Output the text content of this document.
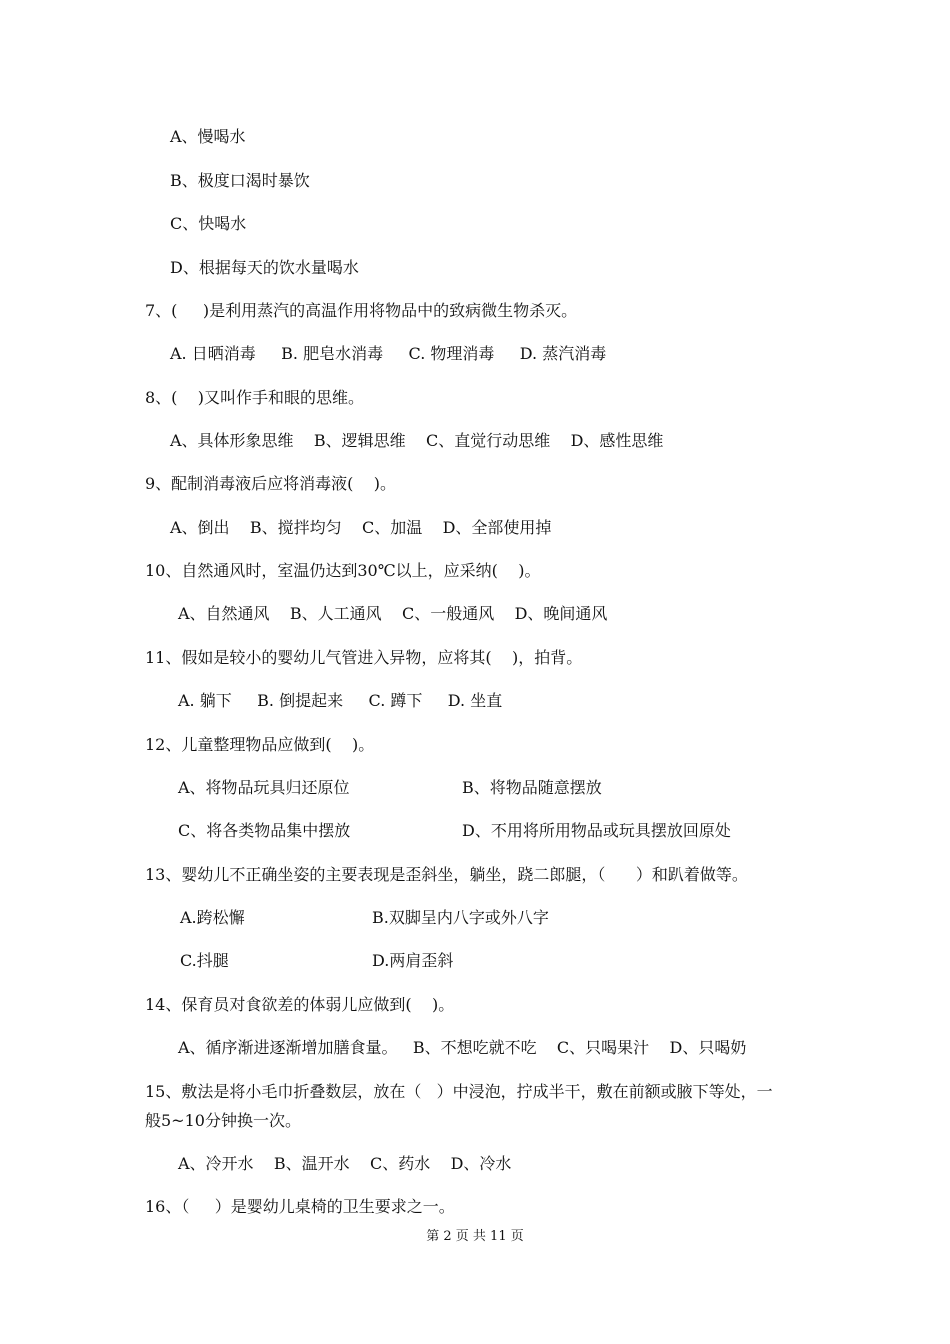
A、慢喝水
B、极度口渴时暴饮
C、快喝水
D、根据每天的饮水量喝水
7、(     )是利用蒸汽的高温作用将物品中的致病微生物杀灭。
A. 日晒消毒     B. 肥皂水消毒     C. 物理消毒     D. 蒸汽消毒
8、(    )又叫作手和眼的思维。
A、具体形象思维    B、逻辑思维    C、直觉行动思维    D、感性思维
9、配制消毒液后应将消毒液(    )。
A、倒出    B、搅拌均匀    C、加温    D、全部使用掉
10、自然通风时，室温仍达到30℃以上，应采纳(    )。
A、自然通风    B、人工通风    C、一般通风    D、晚间通风
11、假如是较小的婴幼儿气管进入异物，应将其(    )，拍背。
A. 躺下     B. 倒提起来     C. 蹲下     D. 坐直
12、儿童整理物品应做到(    )。
A、将物品玩具归还原位	B、将物品随意摆放
C、将各类物品集中摆放	D、不用将所用物品或玩具摆放回原处
13、婴幼儿不正确坐姿的主要表现是歪斜坐，躺坐，跷二郎腿，（      ）和趴着做等。
A.跨松懈	B.双脚呈内八字或外八字
C.抖腿	D.两肩歪斜
14、保育员对食欲差的体弱儿应做到(    )。
A、循序渐进逐渐增加膳食量。   B、不想吃就不吃    C、只喝果汁    D、只喝奶
15、敷法是将小毛巾折叠数层，放在（   ）中浸泡，拧成半干，敷在前额或腋下等处，一
般5~10分钟换一次。
A、冷开水    B、温开水    C、药水    D、冷水
16、（     ）是婴幼儿桌椅的卫生要求之一。
第 2 页 共 11 页
